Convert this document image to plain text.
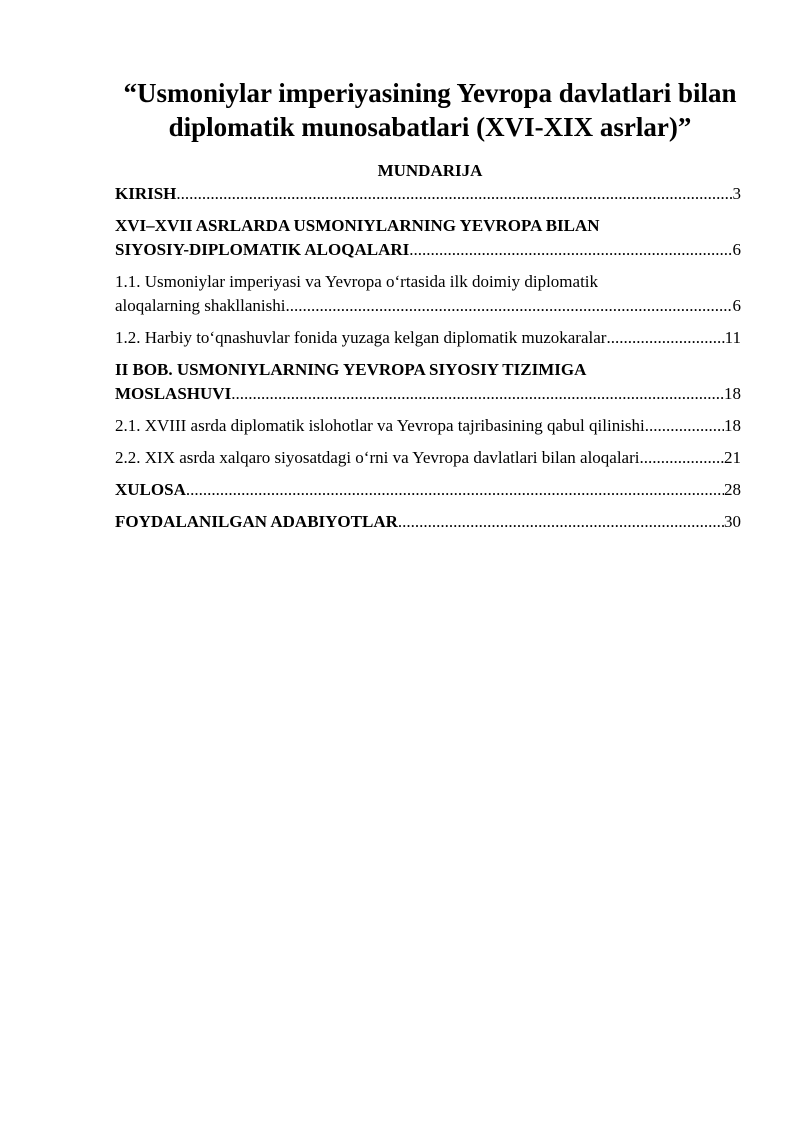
“Usmoniylar imperiyasining Yevropa davlatlari bilan
diplomatik munosabatlari (XVI-XIX asrlar)”
MUNDARIJA
KIRISH .....	3
XVI–XVII ASRLARDA USMONIYLARNING YEVROPA BILAN
SIYOSIY-DIPLOMATIK ALOQALARI .....	6
1.1. Usmoniylar imperiyasi va Yevropa o‘rtasida ilk doimiy diplomatik
aloqalarning shakllanishi .....	6
1.2. Harbiy to‘qnashuvlar fonida yuzaga kelgan diplomatik muzokaralar .....	11
II BOB. USMONIYLARNING YEVROPA SIYOSIY TIZIMIGA
MOSLASHUVI .....	18
2.1. XVIII asrda diplomatik islohotlar va Yevropa tajribasining qabul qilinishi .....	18
2.2. XIX asrda xalqaro siyosatdagi o‘rni va Yevropa davlatlari bilan aloqalari .....	21
XULOSA .....	28
FOYDALANILGAN ADABIYOTLAR .....	30
